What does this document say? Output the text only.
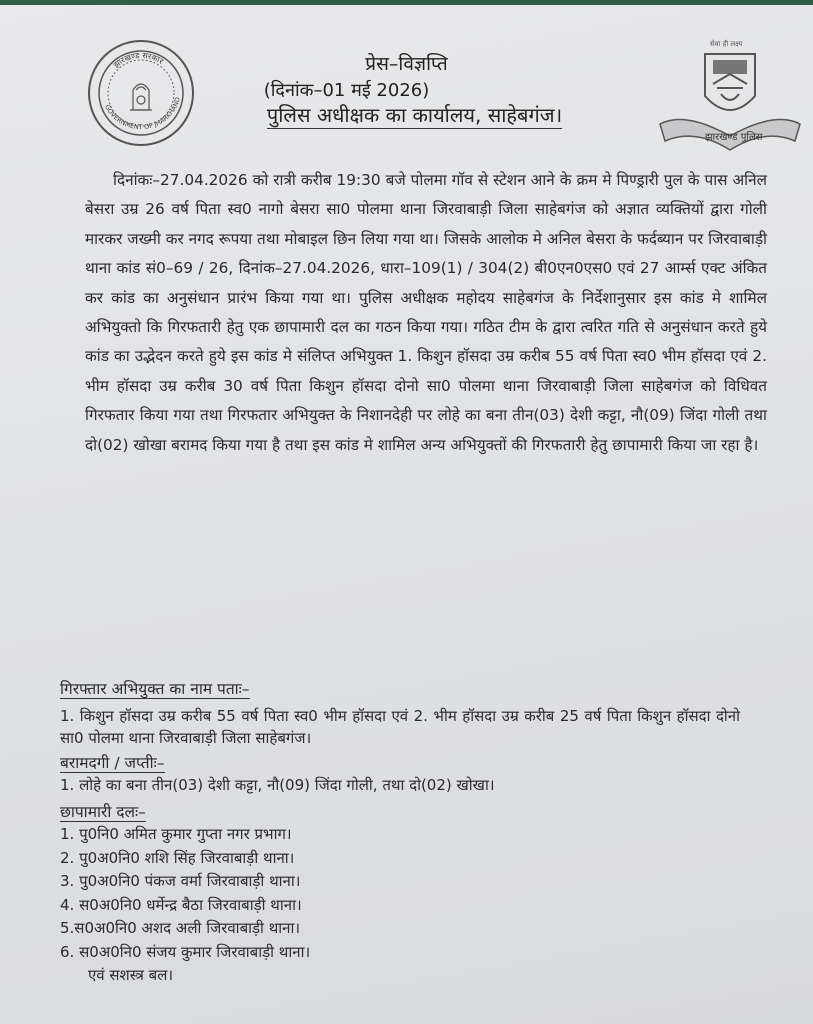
झारखण्ड सरकार
GOVERNMENT OF JHARKHAND
सेवा ही लक्ष्य
झारखण्ड पुलिस
प्रेस–विज्ञप्ति
(दिनांक–01 मई 2026)
पुलिस अधीक्षक का कार्यालय, साहेबगंज।

दिनांकः–27.04.2026 को रात्री करीब 19:30 बजे पोलमा गॉव से स्टेशन आने के क्रम मे पिण्ड्रारी पुल के पास अनिल बेसरा उम्र 26 वर्ष पिता स्व0 नागो बेसरा सा0 पोलमा थाना जिरवाबाड़ी जिला साहेबगंज को अज्ञात व्यक्तियों द्वारा गोली मारकर जख्मी कर नगद रूपया तथा मोबाइल छिन लिया गया था। जिसके आलोक मे अनिल बेसरा के फर्दब्यान पर जिरवाबाड़ी थाना कांड सं0–69 / 26, दिनांक–27.04.2026, धारा–109(1) / 304(2) बी0एन0एस0 एवं 27 आर्म्स एक्ट अंकित कर कांड का अनुसंधान प्रारंभ किया गया था। पुलिस अधीक्षक महोदय साहेबगंज के निर्देशानुसार इस कांड मे शामिल अभियुक्तो कि गिरफतारी हेतु एक छापामारी दल का गठन किया गया। गठित टीम के द्वारा त्वरित गति से अनुसंधान करते हुये कांड का उद्भेदन करते हुये इस कांड मे संलिप्त अभियुक्त 1. किशुन हॉसदा उम्र करीब 55 वर्ष पिता स्व0 भीम हॉसदा एवं 2. भीम हॉसदा उम्र करीब 30 वर्ष पिता किशुन हॉसदा दोनो सा0 पोलमा थाना जिरवाबाड़ी जिला साहेबगंज को विधिवत गिरफतार किया गया तथा गिरफतार अभियुक्त के निशानदेही पर लोहे का बना तीन(03) देशी कट्टा, नौ(09) जिंदा गोली तथा दो(02) खोखा बरामद किया गया है तथा इस कांड मे शामिल अन्य अभियुक्तों की गिरफतारी हेतु छापामारी किया जा रहा है।

गिरफ्तार अभियुक्त का नाम पताः–

1. किशुन हॉसदा उम्र करीब 55 वर्ष पिता स्व0 भीम हॉसदा एवं 2. भीम हॉसदा उम्र करीब 25 वर्ष पिता किशुन हॉसदा दोनो सा0 पोलमा थाना जिरवाबाड़ी जिला साहेबगंज।

बरामदगी / जप्तीः–

1. लोहे का बना तीन(03) देशी कट्टा, नौ(09) जिंदा गोली, तथा दो(02) खोखा।

छापामारी दलः–

1. पु0नि0 अमित कुमार गुप्ता नगर प्रभाग।
2. पु0अ0नि0 शशि सिंह जिरवाबाड़ी थाना।
3. पु0अ0नि0 पंकज वर्मा जिरवाबाड़ी थाना।
4. स0अ0नि0 धर्मेन्द्र बैठा जिरवाबाड़ी थाना।
5.स0अ0नि0 अशद अली जिरवाबाड़ी थाना।
6. स0अ0नि0 संजय कुमार जिरवाबाड़ी थाना।
एवं सशस्त्र बल।
